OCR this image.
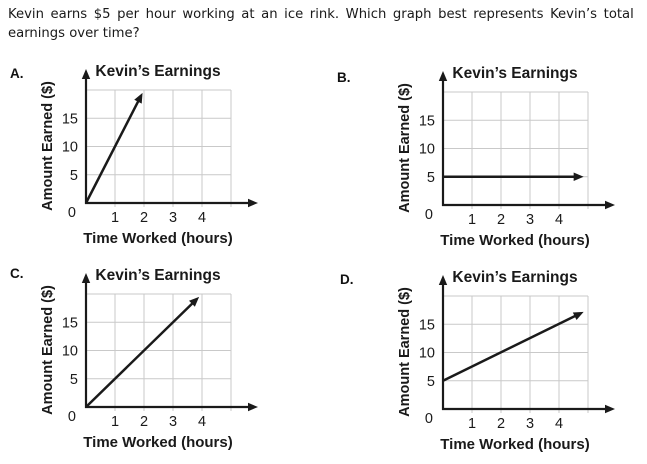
Kevin earns $5 per hour working at an ice rink. Which graph best represents Kevin’s total
earnings over time?

A.	Kevin’s Earnings
Amount Earned ($)
Time Worked (hours)
5
10
15
1 2 3 4
0
B.	Kevin’s Earnings
Amount Earned ($)
Time Worked (hours)
5
10
15
1 2 3 4
0
C.	Kevin’s Earnings
Amount Earned ($)
Time Worked (hours)
5
10
15
1 2 3 4
0
D.	Kevin’s Earnings
Amount Earned ($)
Time Worked (hours)
5
10
15
1 2 3 4
0
